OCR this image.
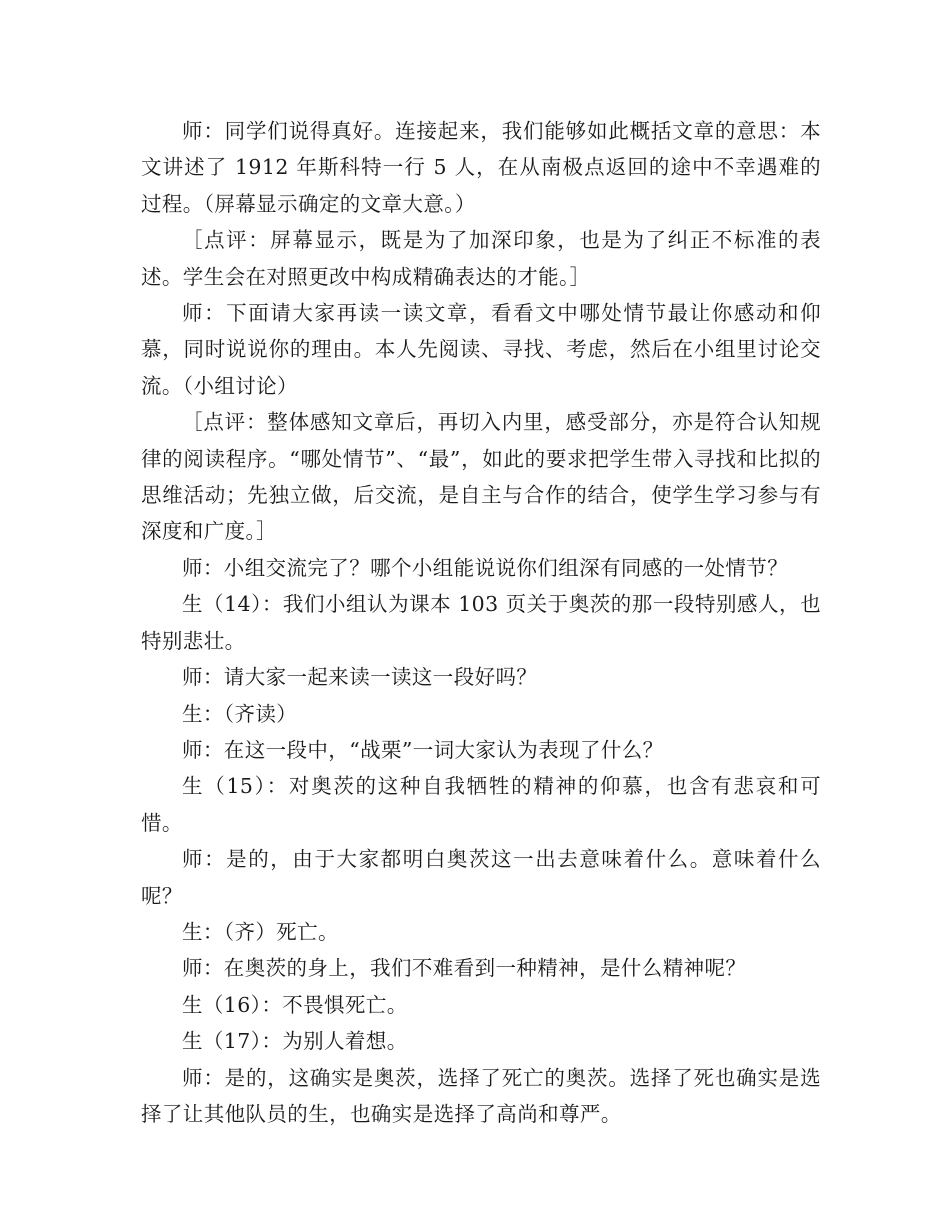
师：同学们说得真好。连接起来，我们能够如此概括文章的意思：本文讲述了 1912 年斯科特一行 5 人，在从南极点返回的途中不幸遇难的过程。（屏幕显示确定的文章大意。）

［点评：屏幕显示，既是为了加深印象，也是为了纠正不标准的表述。学生会在对照更改中构成精确表达的才能。］

师：下面请大家再读一读文章，看看文中哪处情节最让你感动和仰慕，同时说说你的理由。本人先阅读、寻找、考虑，然后在小组里讨论交流。（小组讨论）

［点评：整体感知文章后，再切入内里，感受部分，亦是符合认知规律的阅读程序。“哪处情节”、“最”，如此的要求把学生带入寻找和比拟的思维活动；先独立做，后交流，是自主与合作的结合，使学生学习参与有深度和广度。］

师：小组交流完了？哪个小组能说说你们组深有同感的一处情节？

生（14）：我们小组认为课本 103 页关于奥茨的那一段特别感人，也特别悲壮。

师：请大家一起来读一读这一段好吗？

生：（齐读）

师：在这一段中，“战栗”一词大家认为表现了什么？

生（15）：对奥茨的这种自我牺牲的精神的仰慕，也含有悲哀和可惜。

师：是的，由于大家都明白奥茨这一出去意味着什么。意味着什么呢？

生：（齐）死亡。

师：在奥茨的身上，我们不难看到一种精神，是什么精神呢？

生（16）：不畏惧死亡。

生（17）：为别人着想。

师：是的，这确实是奥茨，选择了死亡的奥茨。选择了死也确实是选择了让其他队员的生，也确实是选择了高尚和尊严。
